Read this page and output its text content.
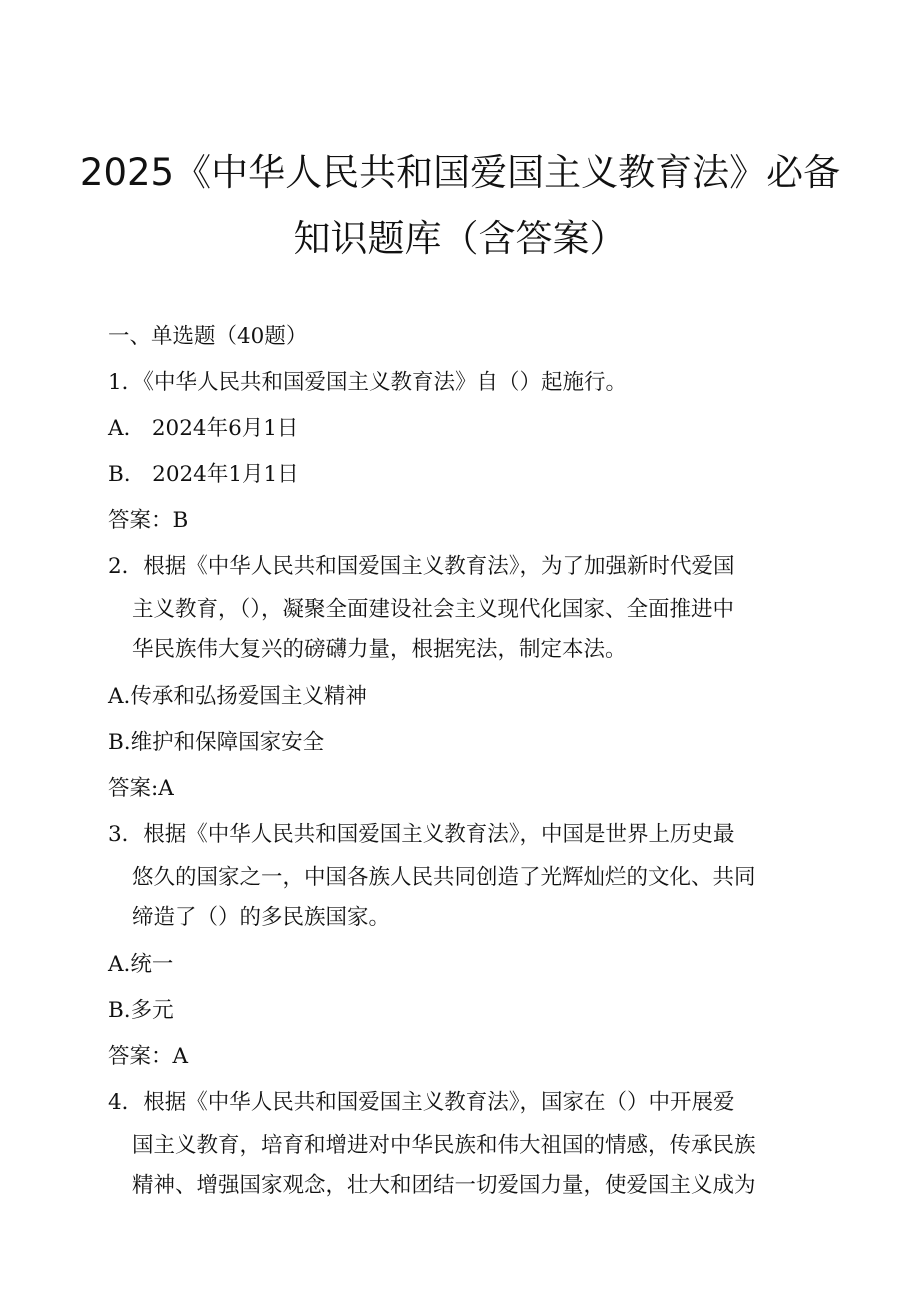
2025《中华人民共和国爱国主义教育法》必备
知识题库（含答案）
一、单选题（40题）
1．《中华人民共和国爱国主义教育法》自（）起施行。
A.　2024年6月1日
B.　2024年1月1日
答案：B
2．根据《中华人民共和国爱国主义教育法》，为了加强新时代爱国
主义教育，（），凝聚全面建设社会主义现代化国家、全面推进中
华民族伟大复兴的磅礴力量，根据宪法，制定本法。
A.传承和弘扬爱国主义精神
B.维护和保障国家安全
答案:A
3．根据《中华人民共和国爱国主义教育法》，中国是世界上历史最
悠久的国家之一，中国各族人民共同创造了光辉灿烂的文化、共同
缔造了（）的多民族国家。
A.统一
B.多元
答案：A
4．根据《中华人民共和国爱国主义教育法》，国家在（）中开展爱
国主义教育，培育和增进对中华民族和伟大祖国的情感，传承民族
精神、增强国家观念，壮大和团结一切爱国力量，使爱国主义成为
